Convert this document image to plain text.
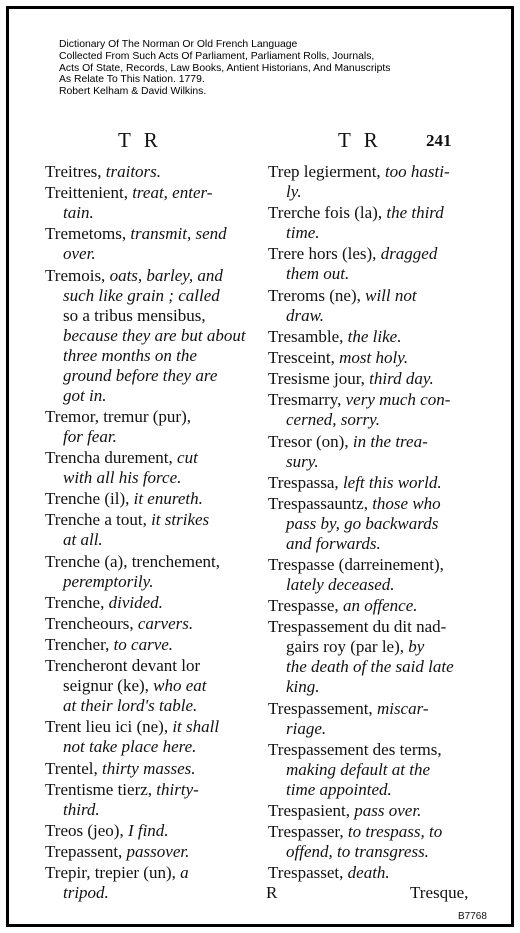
Dictionary Of The Norman Or Old French Language
Collected From Such Acts Of Parliament, Parliament Rolls, Journals,
Acts Of State, Records, Law Books, Antient Historians, And Manuscripts
As Relate To This Nation. 1779.
Robert Kelham & David Wilkins.
T R	T R	241
Treitres, traitors.
Treittenient, treat, enter-
tain.
Tremetoms, transmit, send
over.
Tremois, oats, barley, and
such like grain ; called
so a tribus mensibus,
because they are but about
three months on the
ground before they are
got in.
Tremor, tremur (pur),
for fear.
Trencha durement, cut
with all his force.
Trenche (il), it enureth.
Trenche a tout, it strikes
at all.
Trenche (a), trenchement,
peremptorily.
Trenche, divided.
Trencheours, carvers.
Trencher, to carve.
Trencheront devant lor
seignur (ke), who eat
at their lord's table.
Trent lieu ici (ne), it shall
not take place here.
Trentel, thirty masses.
Trentisme tierz, thirty-
third.
Treos (jeo), I find.
Trepassent, passover.
Trepir, trepier (un), a
tripod.
Trep legierment, too hasti-
ly.
Trerche fois (la), the third
time.
Trere hors (les), dragged
them out.
Treroms (ne), will not
draw.
Tresamble, the like.
Tresceint, most holy.
Tresisme jour, third day.
Tresmarry, very much con-
cerned, sorry.
Tresor (on), in the trea-
sury.
Trespassa, left this world.
Trespassauntz, those who
pass by, go backwards
and forwards.
Trespasse (darreinement),
lately deceased.
Trespasse, an offence.
Trespassement du dit nad-
gairs roy (par le), by
the death of the said late
king.
Trespassement, miscar-
riage.
Trespassement des terms,
making default at the
time appointed.
Trespasient, pass over.
Trespasser, to trespass, to
offend, to transgress.
Trespasset, death.
R	Tresque,
B7768
